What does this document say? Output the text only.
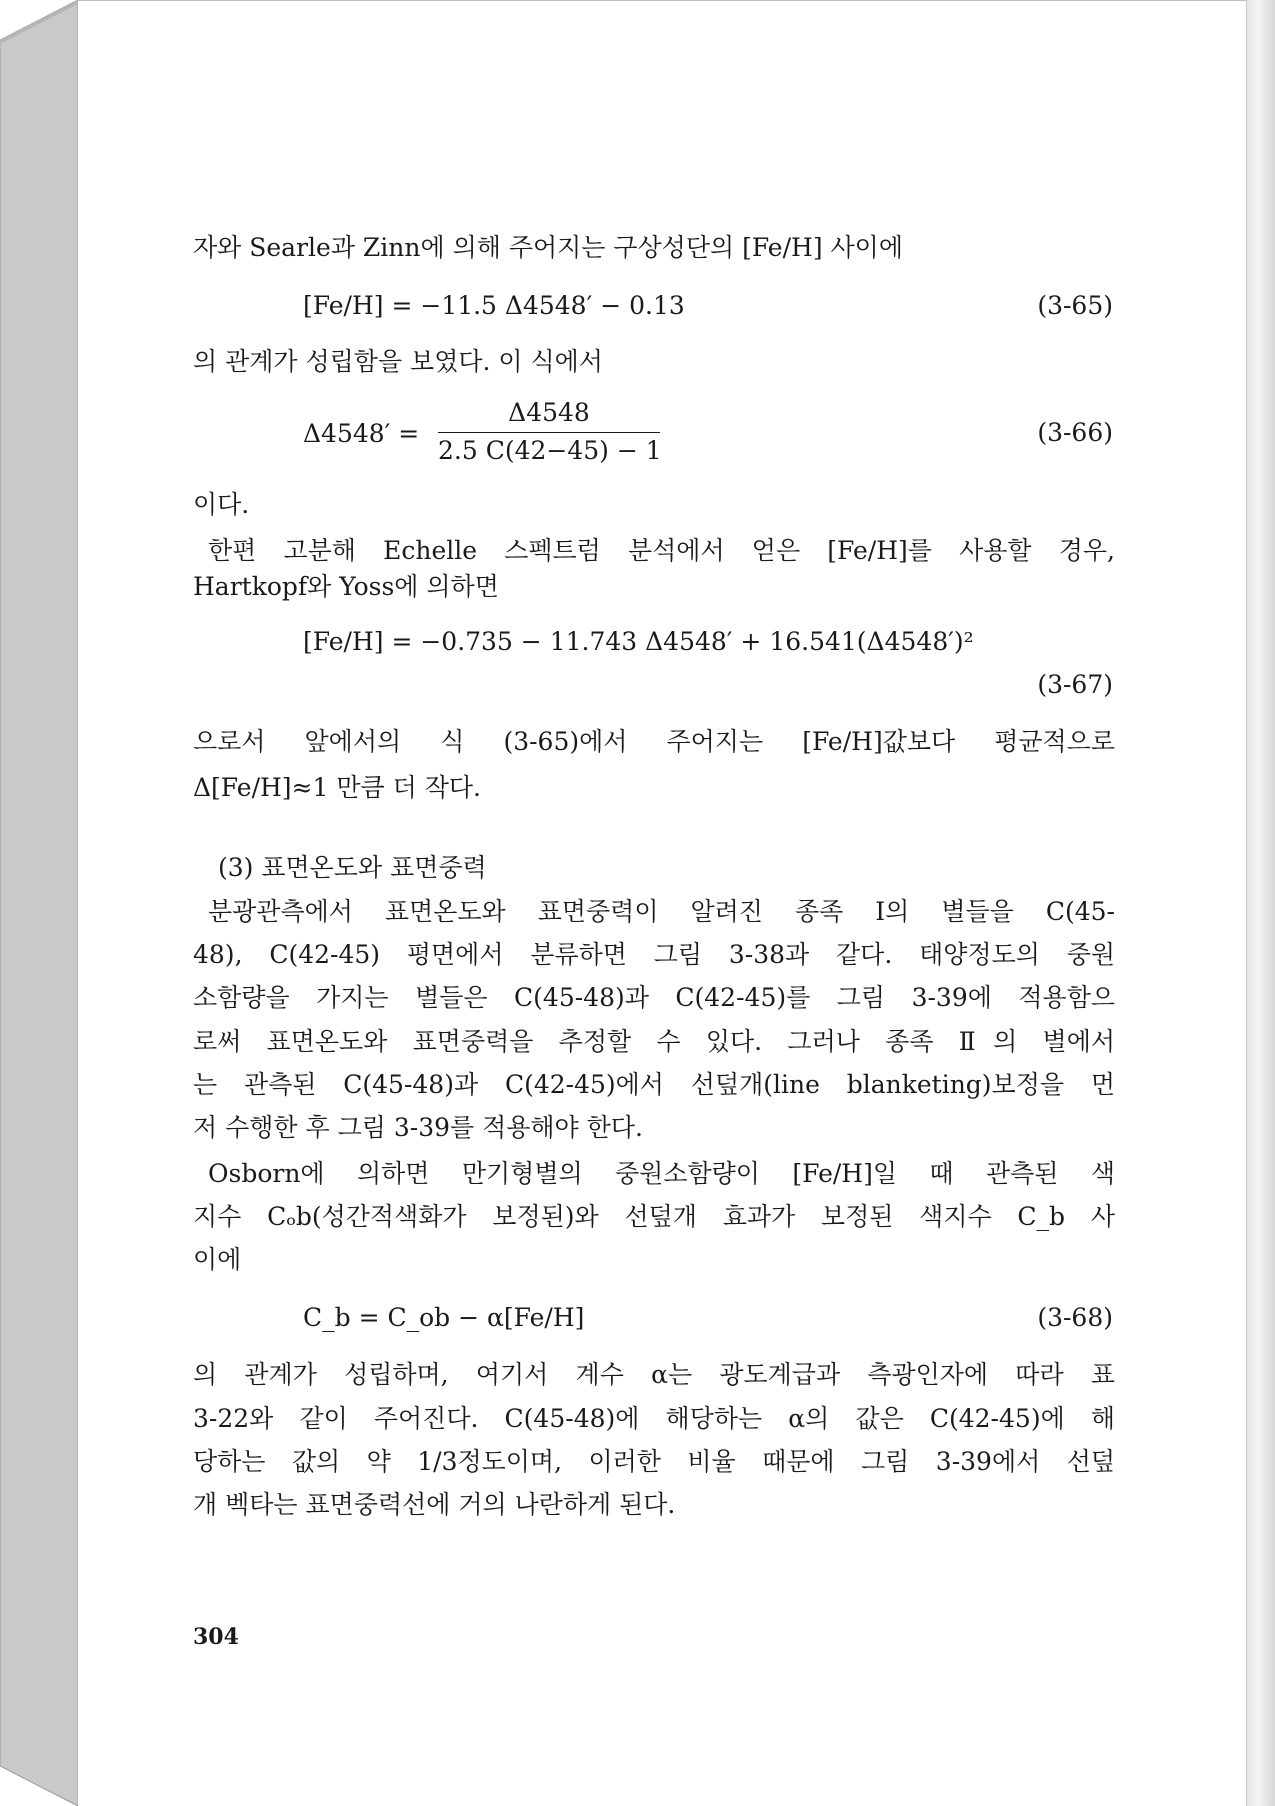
자와 Searle과 Zinn에 의해 주어지는 구상성단의 [Fe/H] 사이에
[Fe/H] = −11.5 Δ4548′ − 0.13	(3-65)
의 관계가 성립함을 보였다. 이 식에서
Δ4548′ =
Δ4548
2.5 C(42−45) − 1
(3-66)
이다.
한편 고분해 Echelle 스펙트럼 분석에서 얻은 [Fe/H]를 사용할 경우,
Hartkopf와 Yoss에 의하면
[Fe/H] = −0.735 − 11.743 Δ4548′ + 16.541(Δ4548′)²
(3-67)
으로서 앞에서의 식 (3-65)에서 주어지는 [Fe/H]값보다 평균적으로
Δ[Fe/H]≈1 만큼 더 작다.
(3) 표면온도와 표면중력
분광관측에서 표면온도와 표면중력이 알려진 종족 I의 별들을 C(45-
48), C(42-45) 평면에서 분류하면 그림 3-38과 같다. 태양정도의 중원
소함량을 가지는 별들은 C(45-48)과 C(42-45)를 그림 3-39에 적용함으
로써 표면온도와 표면중력을 추정할 수 있다. 그러나 종족 Ⅱ의 별에서
는 관측된 C(45-48)과 C(42-45)에서 선덮개(line blanketing)보정을 먼
저 수행한 후 그림 3-39를 적용해야 한다.
Osborn에 의하면 만기형별의 중원소함량이 [Fe/H]일 때 관측된 색
지수 Cₒb(성간적색화가 보정된)와 선덮개 효과가 보정된 색지수 C_b 사
이에
C_b = C_ob − α[Fe/H]	(3-68)
의 관계가 성립하며, 여기서 계수 α는 광도계급과 측광인자에 따라 표
3-22와 같이 주어진다. C(45-48)에 해당하는 α의 값은 C(42-45)에 해
당하는 값의 약 1/3정도이며, 이러한 비율 때문에 그림 3-39에서 선덮
개 벡타는 표면중력선에 거의 나란하게 된다.
304
